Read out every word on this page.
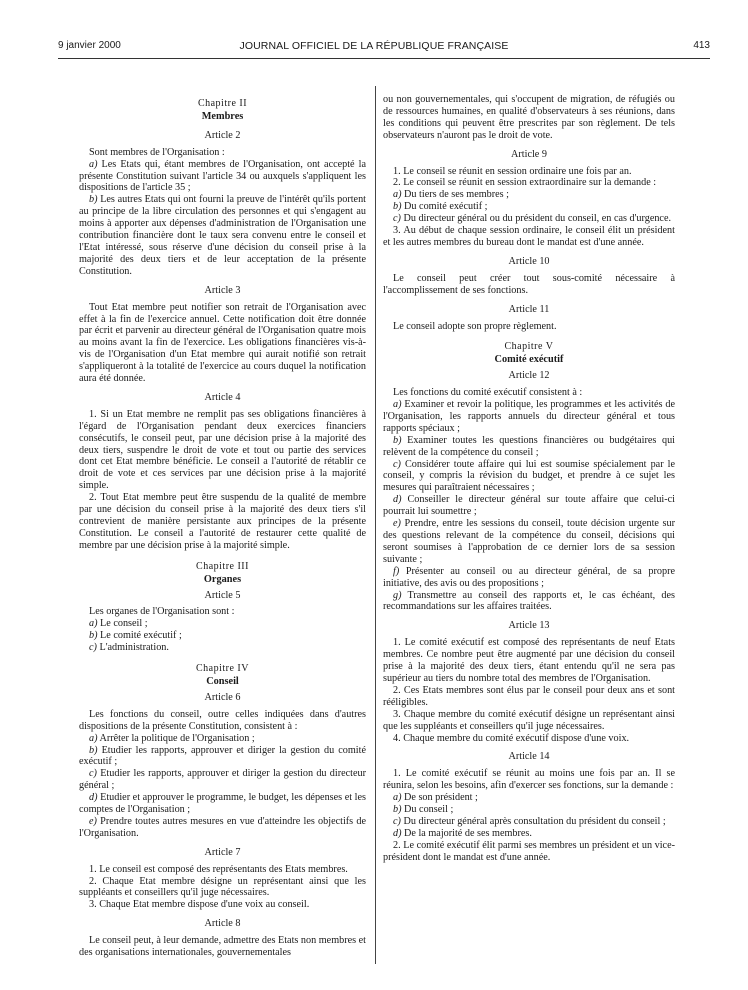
9 janvier 2000	JOURNAL OFFICIEL DE LA RÉPUBLIQUE FRANÇAISE	413
Chapitre II
Membres
Article 2

Sont membres de l'Organisation :

a) Les Etats qui, étant membres de l'Organisation, ont accepté la présente Constitution suivant l'article 34 ou auxquels s'appliquent les dispositions de l'article 35 ;

b) Les autres Etats qui ont fourni la preuve de l'intérêt qu'ils portent au principe de la libre circulation des personnes et qui s'engagent au moins à apporter aux dépenses d'administration de l'Organisation une contribution financière dont le taux sera convenu entre le conseil et l'Etat intéressé, sous réserve d'une décision du conseil prise à la majorité des deux tiers et de leur acceptation de la présente Constitution.

Article 3

Tout Etat membre peut notifier son retrait de l'Organisation avec effet à la fin de l'exercice annuel. Cette notification doit être donnée par écrit et parvenir au directeur général de l'Organisation quatre mois au moins avant la fin de l'exercice. Les obligations financières vis-à-vis de l'Organisation d'un Etat membre qui aurait notifié son retrait s'appliqueront à la totalité de l'exercice au cours duquel la notification aura été donnée.

Article 4

1. Si un Etat membre ne remplit pas ses obligations financières à l'égard de l'Organisation pendant deux exercices financiers consécutifs, le conseil peut, par une décision prise à la majorité des deux tiers, suspendre le droit de vote et tout ou partie des services dont cet Etat membre bénéficie. Le conseil a l'autorité de rétablir ce droit de vote et ces services par une décision prise à la majorité simple.

2. Tout Etat membre peut être suspendu de la qualité de membre par une décision du conseil prise à la majorité des deux tiers s'il contrevient de manière persistante aux principes de la présente Constitution. Le conseil a l'autorité de restaurer cette qualité de membre par une décision prise à la majorité simple.

Chapitre III
Organes
Article 5

Les organes de l'Organisation sont :

a) Le conseil ;

b) Le comité exécutif ;

c) L'administration.

Chapitre IV
Conseil
Article 6

Les fonctions du conseil, outre celles indiquées dans d'autres dispositions de la présente Constitution, consistent à :

a) Arrêter la politique de l'Organisation ;

b) Etudier les rapports, approuver et diriger la gestion du comité exécutif ;

c) Etudier les rapports, approuver et diriger la gestion du directeur général ;

d) Etudier et approuver le programme, le budget, les dépenses et les comptes de l'Organisation ;

e) Prendre toutes autres mesures en vue d'atteindre les objectifs de l'Organisation.

Article 7

1. Le conseil est composé des représentants des Etats membres.

2. Chaque Etat membre désigne un représentant ainsi que les suppléants et conseillers qu'il juge nécessaires.

3. Chaque Etat membre dispose d'une voix au conseil.

Article 8

Le conseil peut, à leur demande, admettre des Etats non membres et des organisations internationales, gouvernementales

ou non gouvernementales, qui s'occupent de migration, de réfugiés ou de ressources humaines, en qualité d'observateurs à ses réunions, dans les conditions qui peuvent être prescrites par son règlement. De tels observateurs n'auront pas le droit de vote.

Article 9

1. Le conseil se réunit en session ordinaire une fois par an.

2. Le conseil se réunit en session extraordinaire sur la demande :

a) Du tiers de ses membres ;

b) Du comité exécutif ;

c) Du directeur général ou du président du conseil, en cas d'urgence.

3. Au début de chaque session ordinaire, le conseil élit un président et les autres membres du bureau dont le mandat est d'une année.

Article 10

Le conseil peut créer tout sous-comité nécessaire à l'accomplissement de ses fonctions.

Article 11

Le conseil adopte son propre règlement.

Chapitre V
Comité exécutif
Article 12

Les fonctions du comité exécutif consistent à :

a) Examiner et revoir la politique, les programmes et les activités de l'Organisation, les rapports annuels du directeur général et tous rapports spéciaux ;

b) Examiner toutes les questions financières ou budgétaires qui relèvent de la compétence du conseil ;

c) Considérer toute affaire qui lui est soumise spécialement par le conseil, y compris la révision du budget, et prendre à ce sujet les mesures qui paraîtraient nécessaires ;

d) Conseiller le directeur général sur toute affaire que celui-ci pourrait lui soumettre ;

e) Prendre, entre les sessions du conseil, toute décision urgente sur des questions relevant de la compétence du conseil, décisions qui seront soumises à l'approbation de ce dernier lors de sa session suivante ;

f) Présenter au conseil ou au directeur général, de sa propre initiative, des avis ou des propositions ;

g) Transmettre au conseil des rapports et, le cas échéant, des recommandations sur les affaires traitées.

Article 13

1. Le comité exécutif est composé des représentants de neuf Etats membres. Ce nombre peut être augmenté par une décision du conseil prise à la majorité des deux tiers, étant entendu qu'il ne sera pas supérieur au tiers du nombre total des membres de l'Organisation.

2. Ces Etats membres sont élus par le conseil pour deux ans et sont rééligibles.

3. Chaque membre du comité exécutif désigne un représentant ainsi que les suppléants et conseillers qu'il juge nécessaires.

4. Chaque membre du comité exécutif dispose d'une voix.

Article 14

1. Le comité exécutif se réunit au moins une fois par an. Il se réunira, selon les besoins, afin d'exercer ses fonctions, sur la demande :

a) De son président ;

b) Du conseil ;

c) Du directeur général après consultation du président du conseil ;

d) De la majorité de ses membres.

2. Le comité exécutif élit parmi ses membres un président et un vice-président dont le mandat est d'une année.
